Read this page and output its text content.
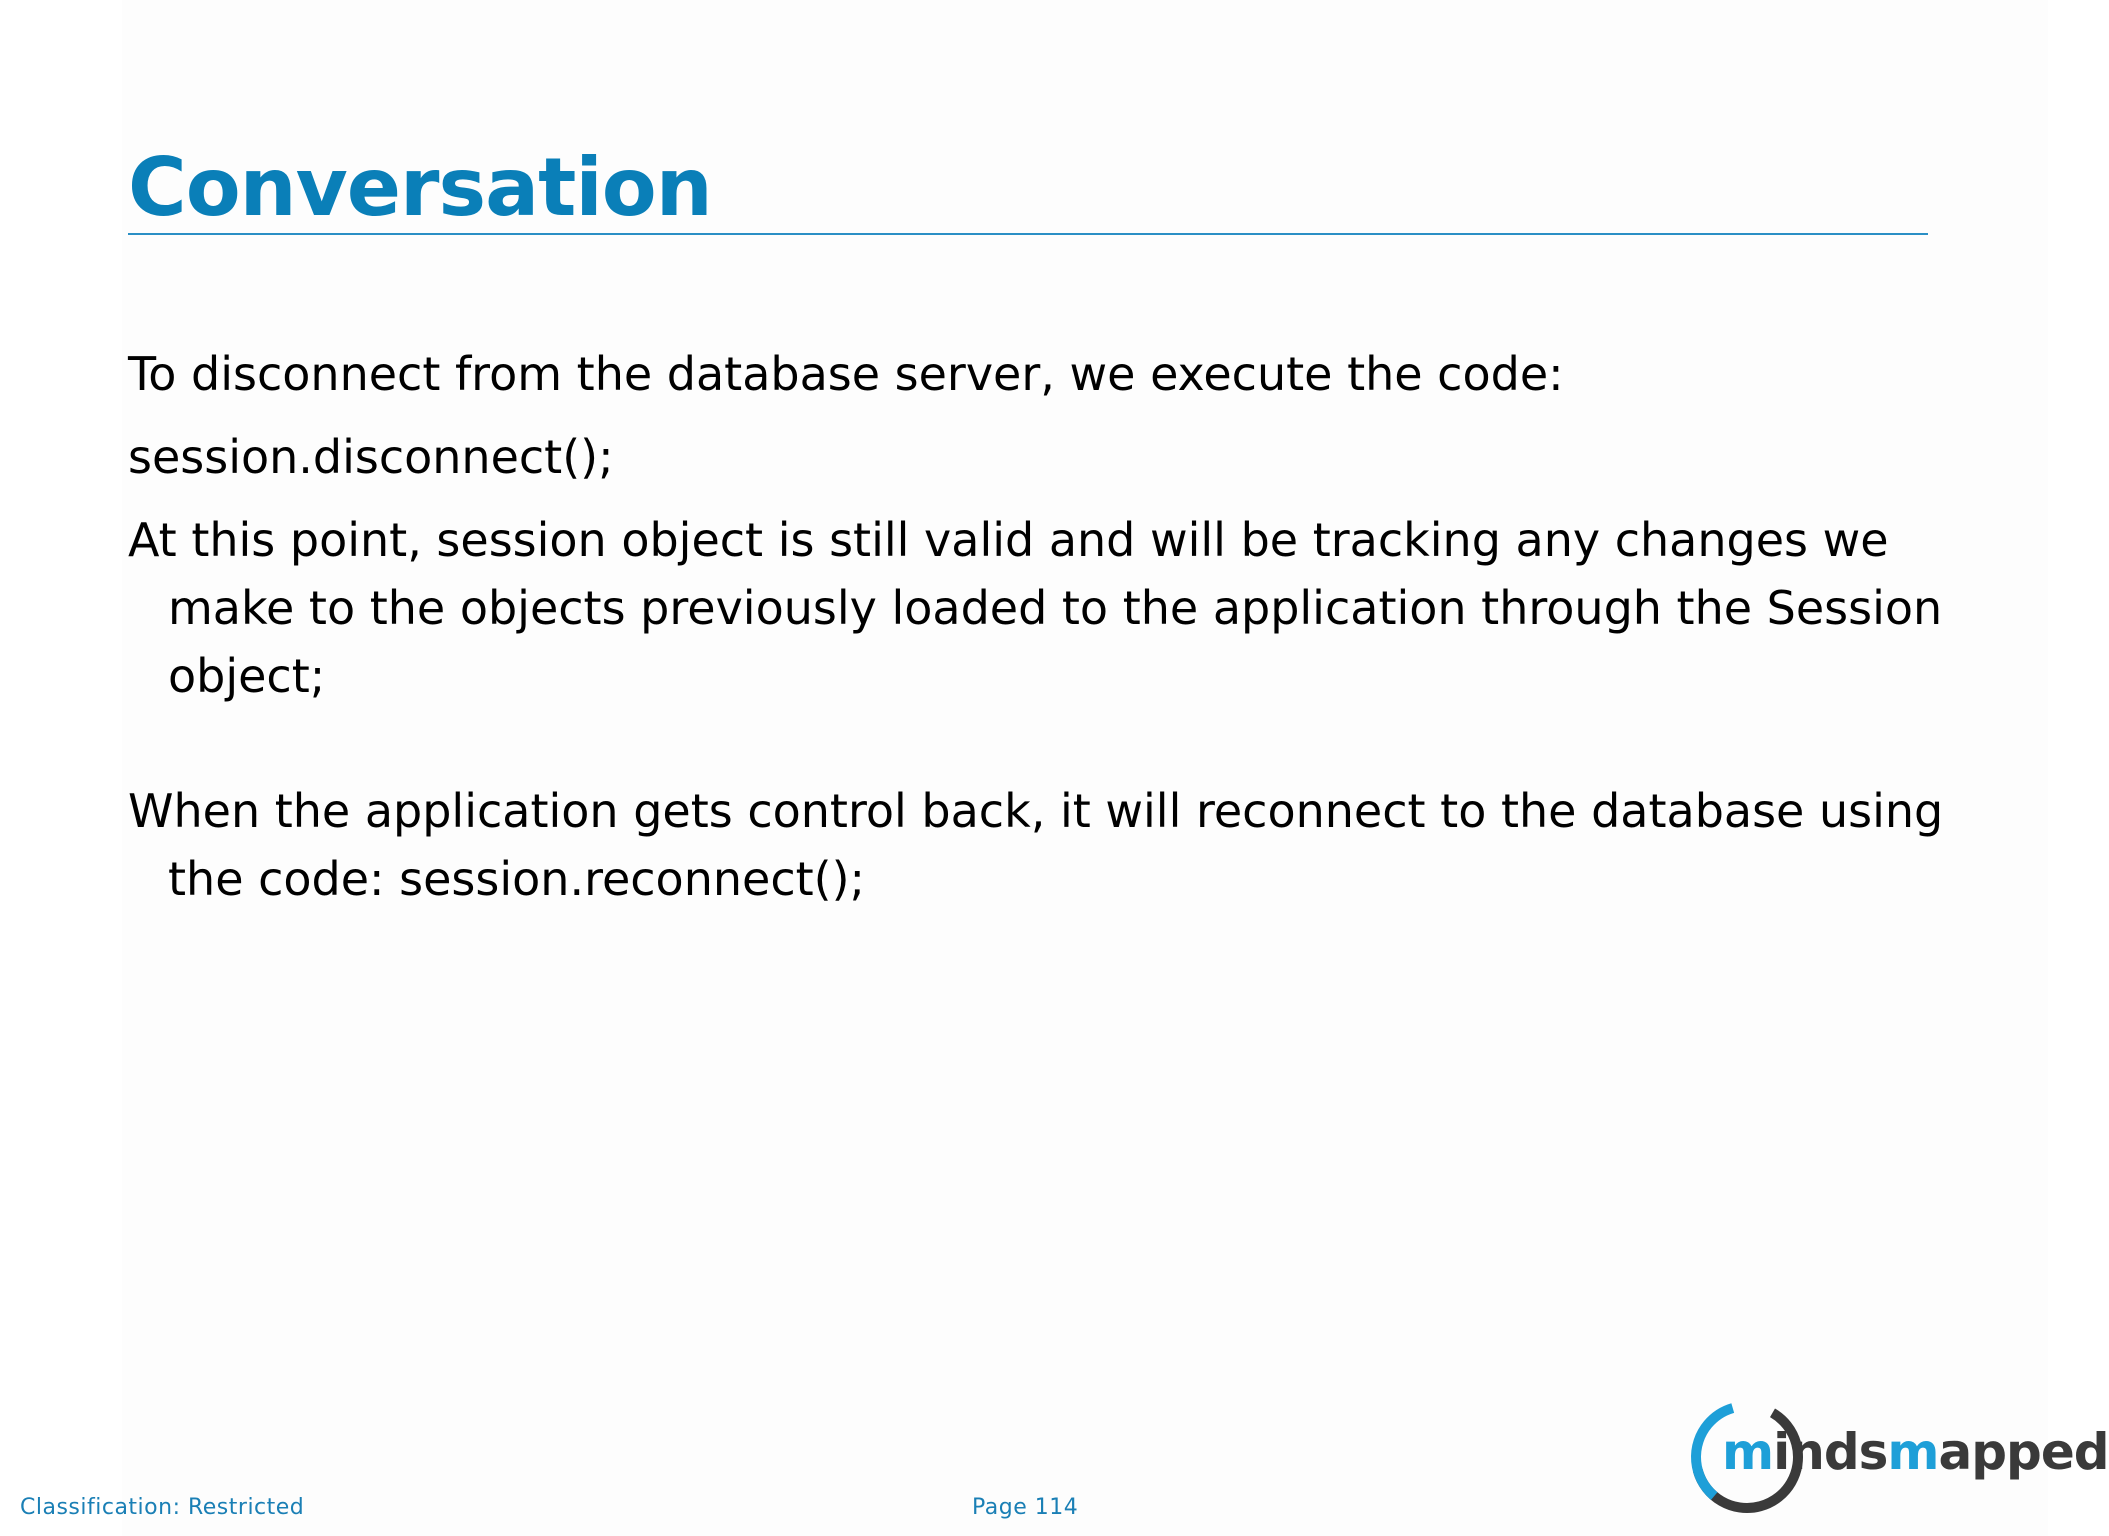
Conversation

To disconnect from the database server, we execute the code:

session.disconnect();

At this point, session object is still valid and will be tracking any changes we make to the objects previously loaded to the application through the Session object;

When the application gets control back, it will reconnect to the database using the code: session.reconnect();

Classification: Restricted	Page 114
mindsmapped
